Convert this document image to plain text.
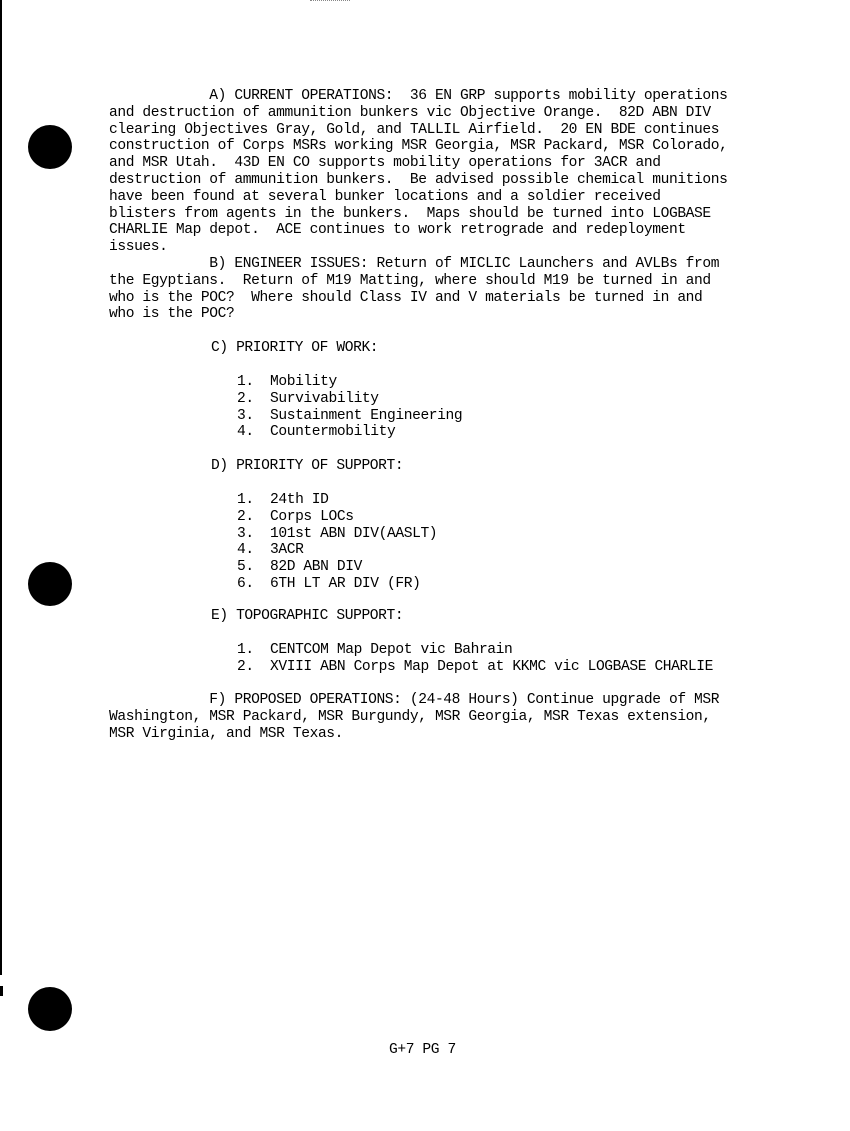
A) CURRENT OPERATIONS:  36 EN GRP supports mobility operations
and destruction of ammunition bunkers vic Objective Orange.  82D ABN DIV
clearing Objectives Gray, Gold, and TALLIL Airfield.  20 EN BDE continues
construction of Corps MSRs working MSR Georgia, MSR Packard, MSR Colorado,
and MSR Utah.  43D EN CO supports mobility operations for 3ACR and
destruction of ammunition bunkers.  Be advised possible chemical munitions
have been found at several bunker locations and a soldier received
blisters from agents in the bunkers.  Maps should be turned into LOGBASE
CHARLIE Map depot.  ACE continues to work retrograde and redeployment
issues.
B) ENGINEER ISSUES: Return of MICLIC Launchers and AVLBs from
the Egyptians.  Return of M19 Matting, where should M19 be turned in and
who is the POC?  Where should Class IV and V materials be turned in and
who is the POC?
C) PRIORITY OF WORK:
1. Mobility
2. Survivability
3. Sustainment Engineering
4. Countermobility
D) PRIORITY OF SUPPORT:
1. 24th ID
2. Corps LOCs
3. 101st ABN DIV(AASLT)
4. 3ACR
5. 82D ABN DIV
6. 6TH LT AR DIV (FR)
E) TOPOGRAPHIC SUPPORT:
1. CENTCOM Map Depot vic Bahrain
2. XVIII ABN Corps Map Depot at KKMC vic LOGBASE CHARLIE
F) PROPOSED OPERATIONS: (24-48 Hours) Continue upgrade of MSR
Washington, MSR Packard, MSR Burgundy, MSR Georgia, MSR Texas extension,
MSR Virginia, and MSR Texas.
G+7 PG 7
